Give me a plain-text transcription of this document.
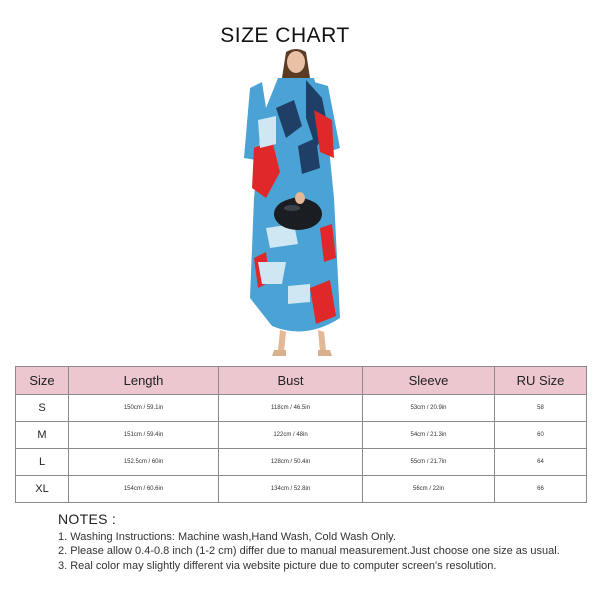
SIZE CHART
Size	Length	Bust	Sleeve	RU Size
S	150cm / 59.1in	118cm / 46.5in	53cm / 20.9in	58
M	151cm / 59.4in	122cm / 48in	54cm / 21.3in	60
L	152.5cm / 60in	128cm / 50.4in	55cm / 21.7in	64
XL	154cm / 60.6in	134cm / 52.8in	56cm / 22in	66
NOTES :
1. Washing Instructions: Machine wash,Hand Wash, Cold Wash Only.
2. Please allow 0.4-0.8 inch (1-2 cm) differ due to manual measurement.Just choose one size as usual.
3. Real color may slightly different via website picture due to computer screen's resolution.
